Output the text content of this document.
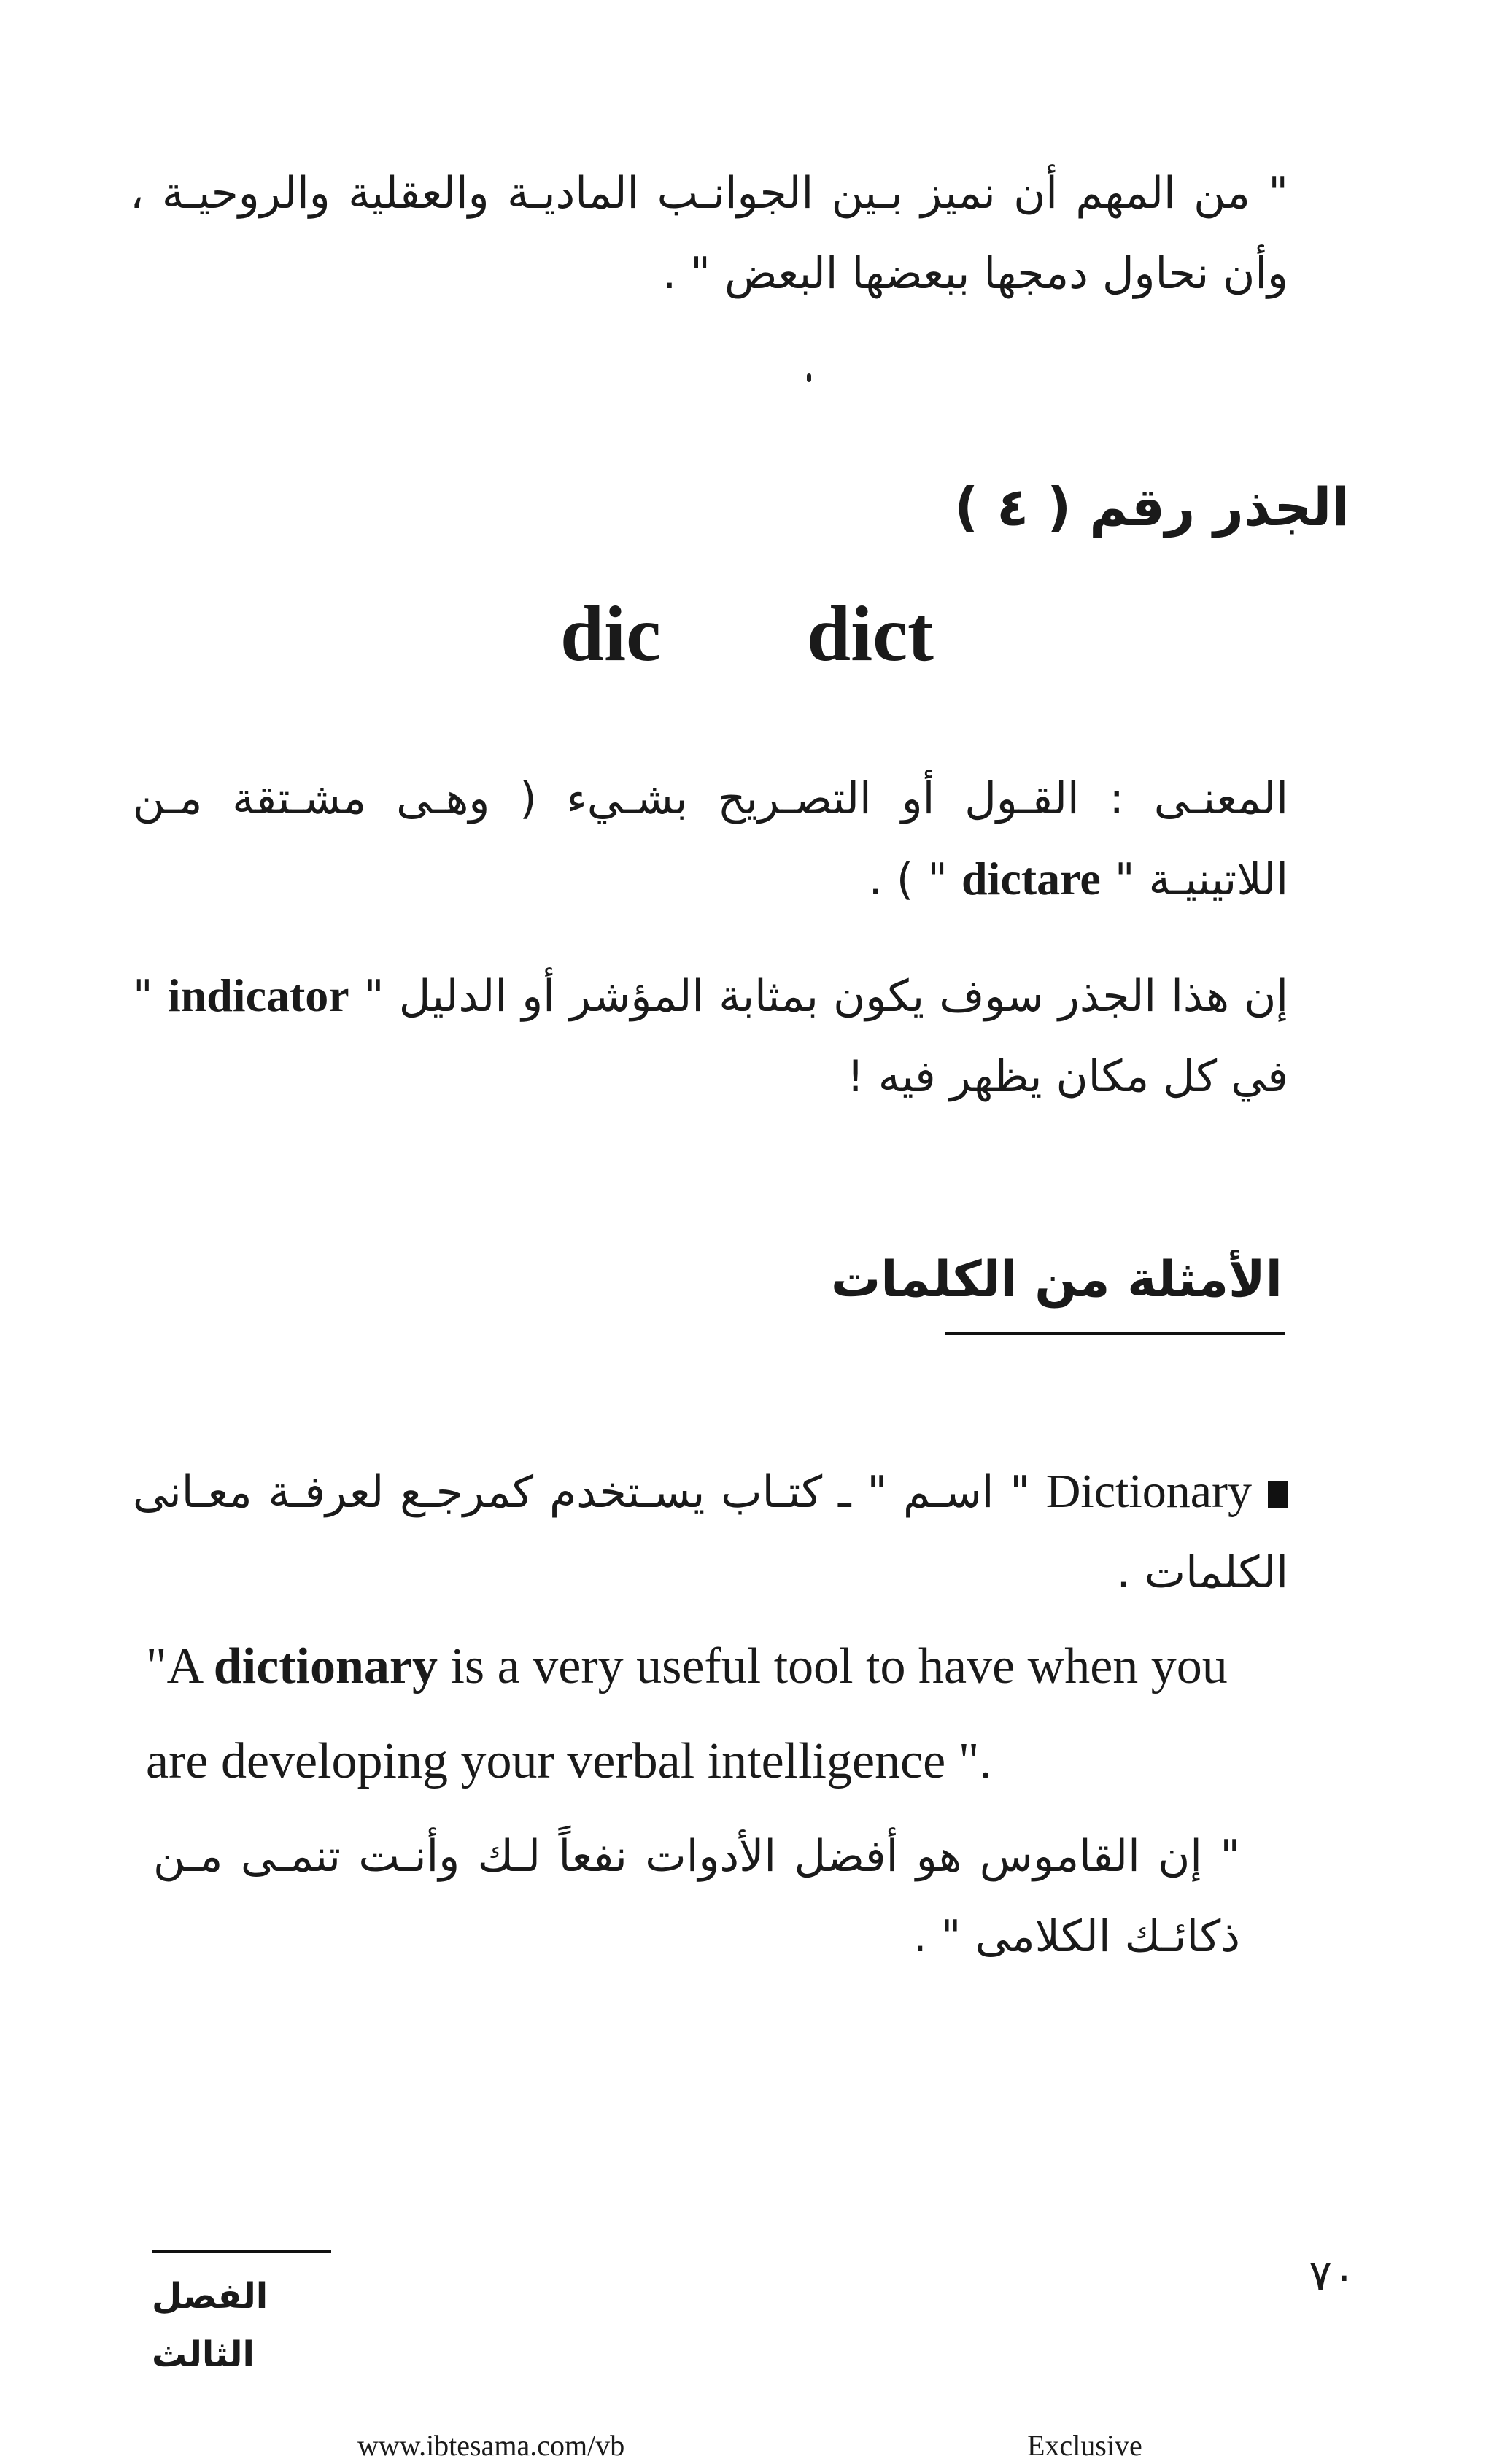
" من المهم أن نميز بـين الجوانـب الماديـة والعقلية والروحيـة ، وأن نحاول دمجها ببعضها البعض " .

الجذر رقم ( ٤ )
dic dict

المعنـى : القـول أو التصـريح بشـيء ( وهـى مشـتقة مـن اللاتينيـة " dictare " ) .

إن هذا الجذر سوف يكون بمثابة المؤشر أو الدليل " indicator " في كل مكان يظهر فيه !

الأمثلة من الكلمات

Dictionary " اسـم " ـ كتـاب يسـتخدم كمرجـع لعرفـة معـانى الكلمات .

"A dictionary is a very useful tool to have when you are developing your verbal intelligence ".

" إن القاموس هو أفضل الأدوات نفعاً لـك وأنـت تنمـى مـن ذكائـك الكلامى " .

الفصل الثالث
٧٠
www.ibtesama.com/vb	Exclusive
